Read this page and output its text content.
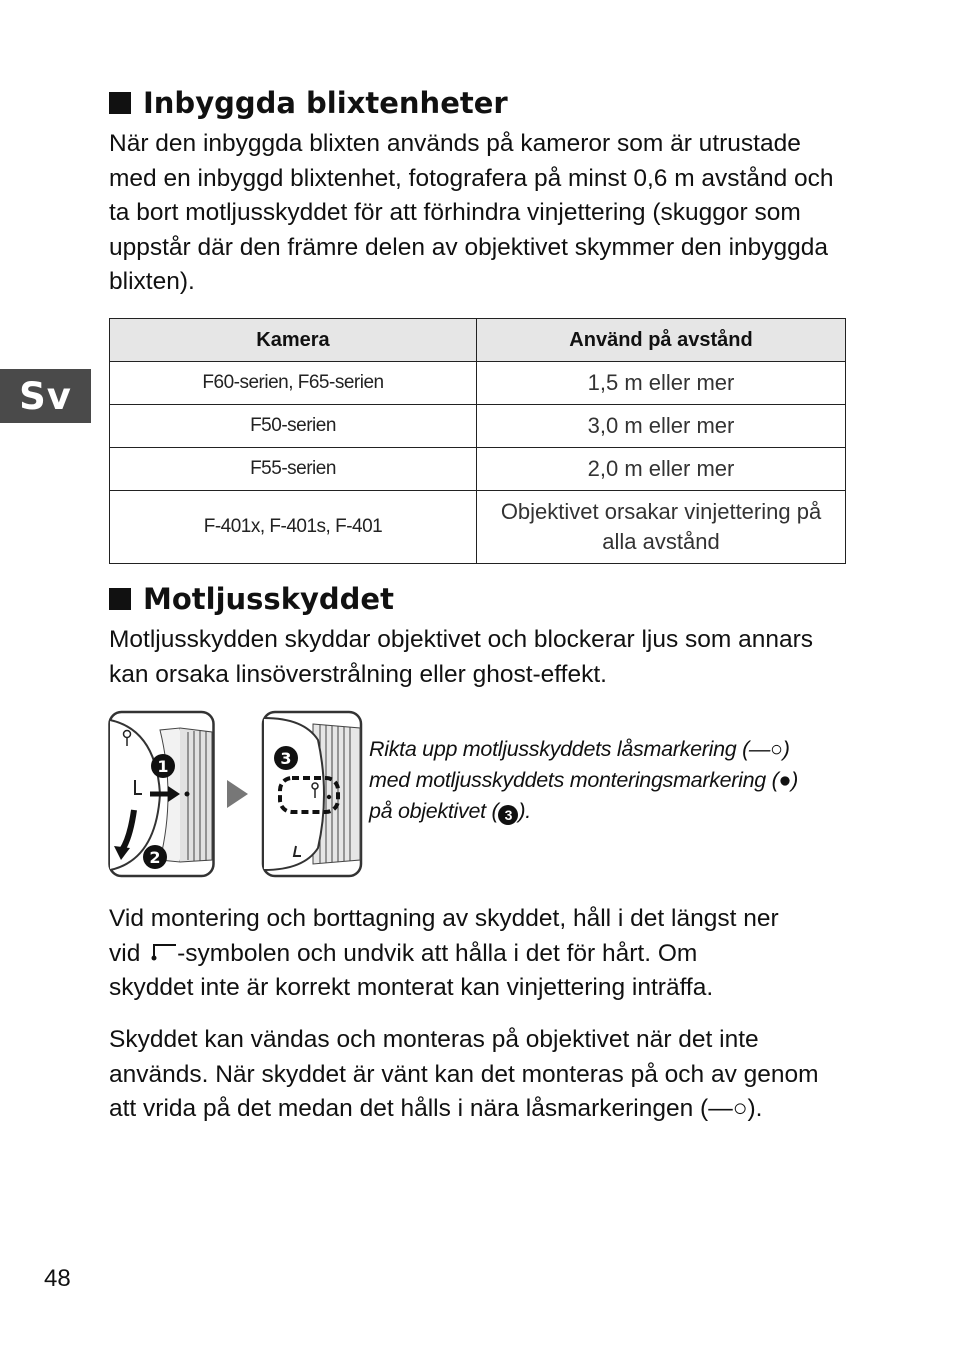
Sv
Inbyggda blixtenheter

När den inbyggda blixten används på kameror som är utrustade med en inbyggd blixtenhet, fotografera på minst 0,6 m avstånd och ta bort motljusskyddet för att förhindra vinjettering (skuggor som uppstår där den främre delen av objektivet skymmer den inbyggda blixten).

Kamera	Använd på avstånd
F60-serien, F65-serien	1,5 m eller mer
F50-serien	3,0 m eller mer
F55-serien	2,0 m eller mer
F-401x, F-401s, F-401	Objektivet orsakar vinjettering på alla avstånd
Motljusskyddet

Motljusskydden skyddar objektivet och blockerar ljus som annars kan orsaka linsöverstrålning eller ghost-effekt.

1
2
3	Rikta upp motljusskyddets låsmarkering (—○)
med motljusskyddets monteringsmarkering (●)
på objektivet ( 3 ).

Vid montering och borttagning av skyddet, håll i det längst ner
vid -symbolen och undvik att hålla i det för hårt. Om
skyddet inte är korrekt monterat kan vinjettering inträffa.

Skyddet kan vändas och monteras på objektivet när det inte används. När skyddet är vänt kan det monteras på och av genom att vrida på det medan det hålls i nära låsmarkeringen (—○).

48
